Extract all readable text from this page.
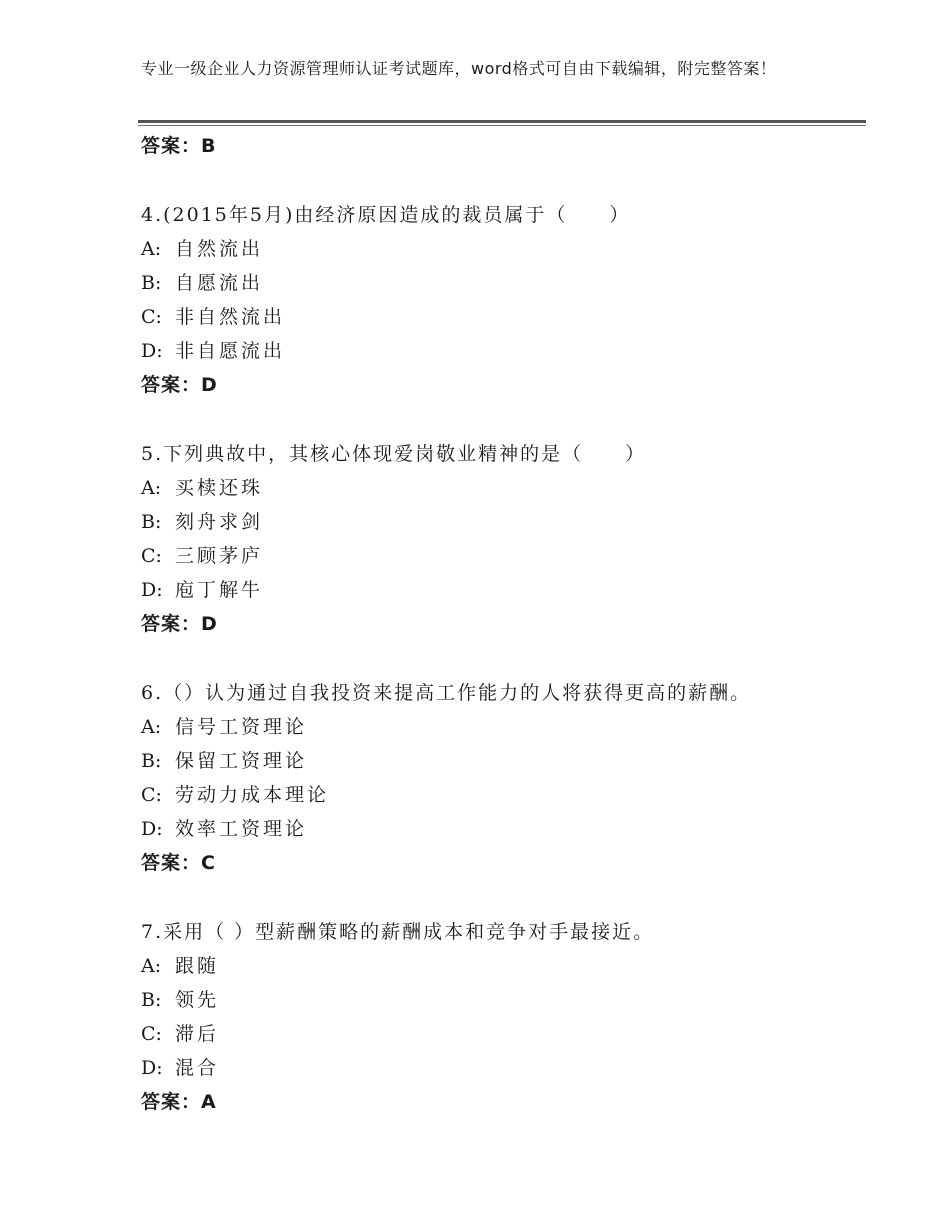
专业一级企业人力资源管理师认证考试题库，word格式可自由下载编辑，附完整答案！
答案：B
4.(2015年5月)由经济原因造成的裁员属于（　　）
A: 自然流出
B: 自愿流出
C: 非自然流出
D: 非自愿流出
答案：D
5.下列典故中，其核心体现爱岗敬业精神的是（　　）
A: 买椟还珠
B: 刻舟求剑
C: 三顾茅庐
D: 庖丁解牛
答案：D
6.（）认为通过自我投资来提高工作能力的人将获得更高的薪酬。
A: 信号工资理论
B: 保留工资理论
C: 劳动力成本理论
D: 效率工资理论
答案：C
7.采用（ ）型薪酬策略的薪酬成本和竞争对手最接近。
A: 跟随
B: 领先
C: 滞后
D: 混合
答案：A
